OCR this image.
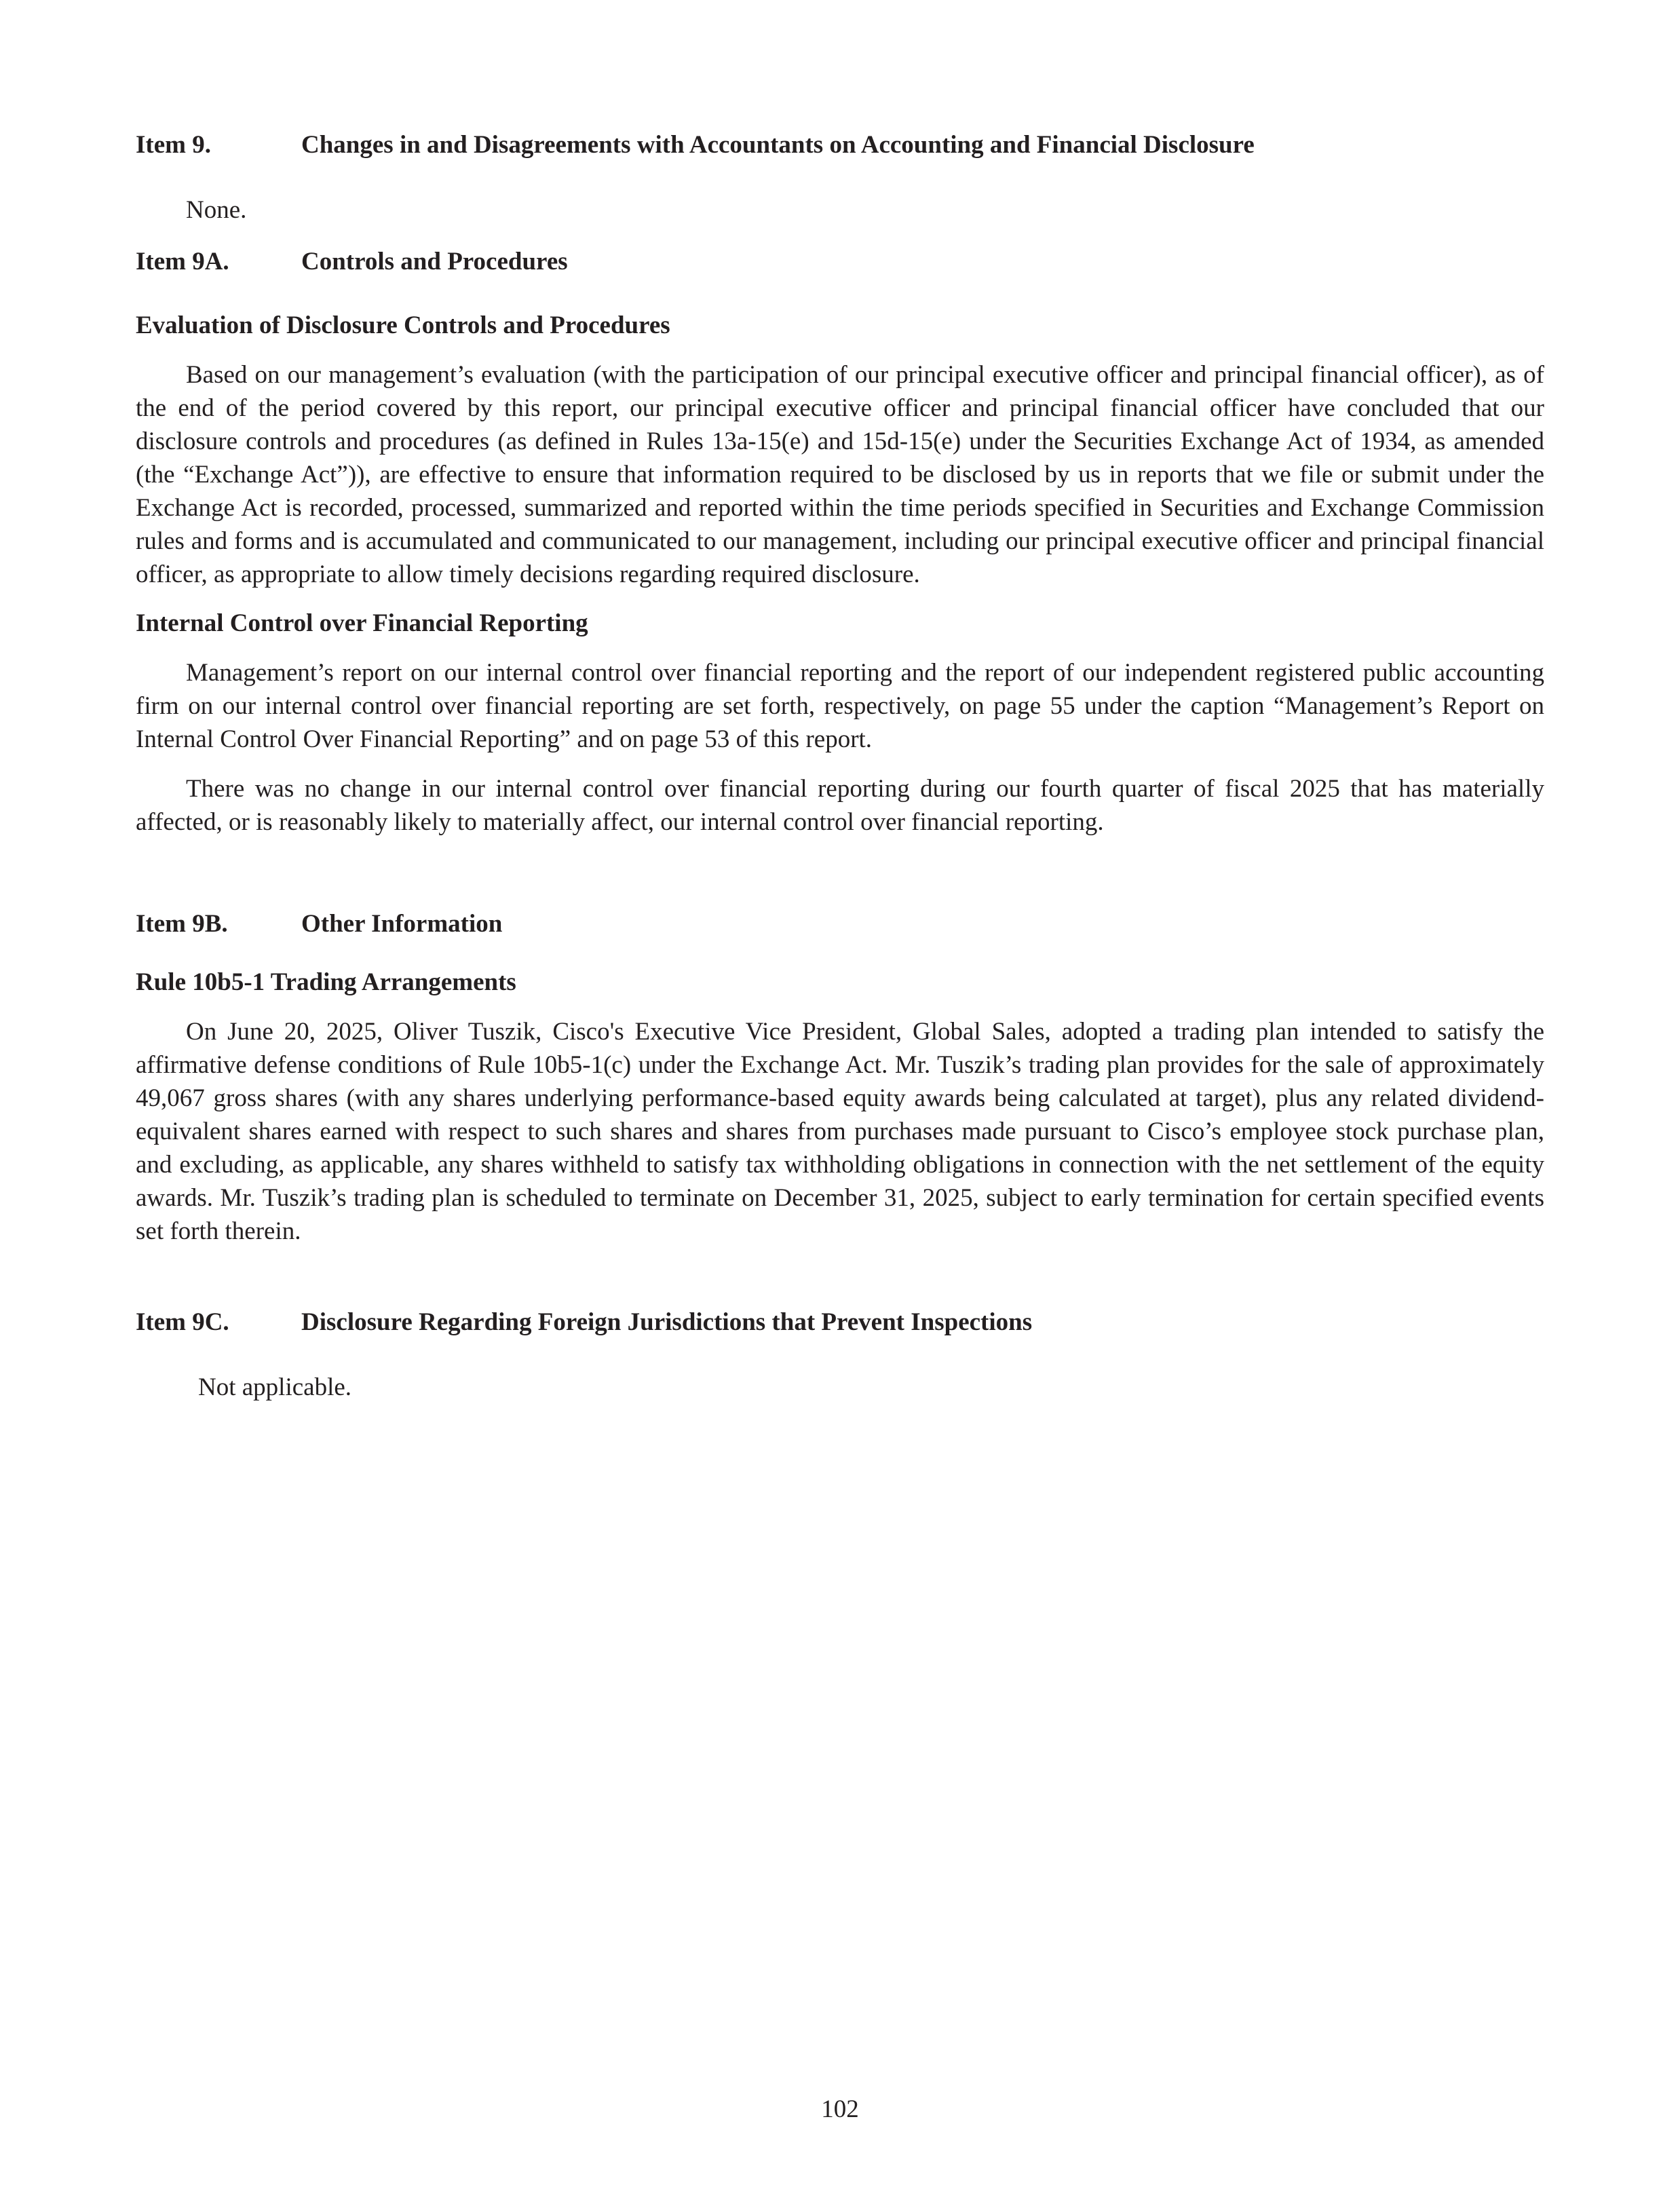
Item 9.	Changes in and Disagreements with Accountants on Accounting and Financial Disclosure

None.

Item 9A.	Controls and Procedures
Evaluation of Disclosure Controls and Procedures

Based on our management’s evaluation (with the participation of our principal executive officer and principal financial officer), as of the end of the period covered by this report, our principal executive officer and principal financial officer have concluded that our disclosure controls and procedures (as defined in Rules 13a-15(e) and 15d-15(e) under the Securities Exchange Act of 1934, as amended (the “Exchange Act”)), are effective to ensure that information required to be disclosed by us in reports that we file or submit under the Exchange Act is recorded, processed, summarized and reported within the time periods specified in Securities and Exchange Commission rules and forms and is accumulated and communicated to our management, including our principal executive officer and principal financial officer, as appropriate to allow timely decisions regarding required disclosure.

Internal Control over Financial Reporting

Management’s report on our internal control over financial reporting and the report of our independent registered public accounting firm on our internal control over financial reporting are set forth, respectively, on page 55 under the caption “Management’s Report on Internal Control Over Financial Reporting” and on page 53 of this report.

There was no change in our internal control over financial reporting during our fourth quarter of fiscal 2025 that has materially affected, or is reasonably likely to materially affect, our internal control over financial reporting.

Item 9B.	Other Information
Rule 10b5-1 Trading Arrangements

On June 20, 2025, Oliver Tuszik, Cisco's Executive Vice President, Global Sales, adopted a trading plan intended to satisfy the affirmative defense conditions of Rule 10b5-1(c) under the Exchange Act. Mr. Tuszik’s trading plan provides for the sale of approximately 49,067 gross shares (with any shares underlying performance-based equity awards being calculated at target), plus any related dividend-equivalent shares earned with respect to such shares and shares from purchases made pursuant to Cisco’s employee stock purchase plan, and excluding, as applicable, any shares withheld to satisfy tax withholding obligations in connection with the net settlement of the equity awards. Mr. Tuszik’s trading plan is scheduled to terminate on December 31, 2025, subject to early termination for certain specified events set forth therein.

Item 9C.	Disclosure Regarding Foreign Jurisdictions that Prevent Inspections

Not applicable.

102
